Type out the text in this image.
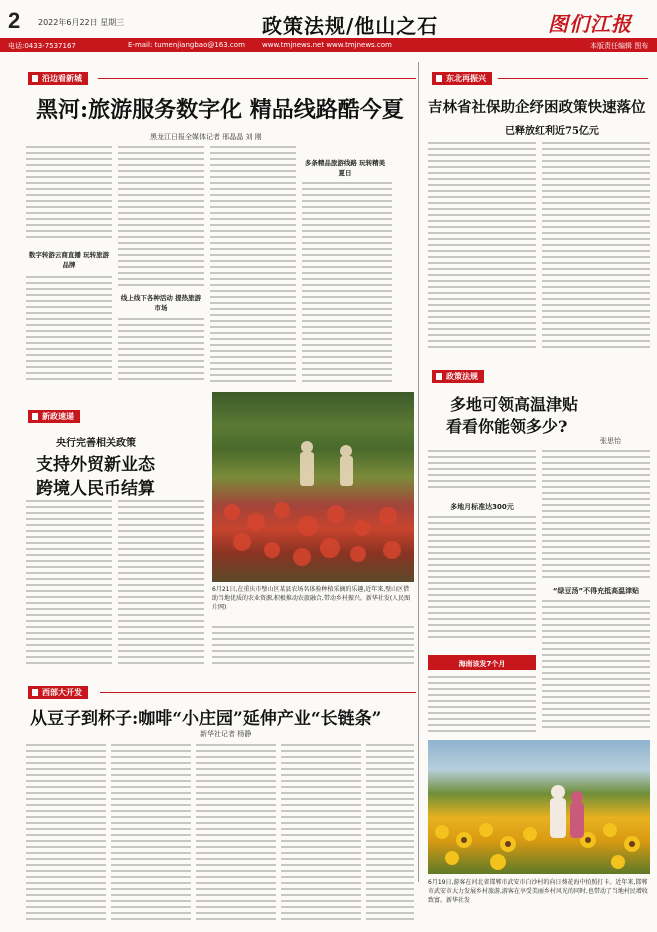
2 2022年6月22日 星期三	政策法规/他山之石	图们江报
电话:0433-7537167	E-mail: tumenjiangbao@163.com www.tmjnews.net www.tmjnews.com	本版责任编辑 图布
沿边看新城
黑河:旅游服务数字化 精品线路酷今夏
黑龙江日报全媒体记者 邢晶晶 刘 刚
数字转游云商直播 玩转旅游品牌
线上线下各种活动 提热旅游市场
多条精品旅游线路 玩转精美夏日
东北再振兴
吉林省社保助企纾困政策快速落位
已释放红利近75亿元
新政速递
央行完善相关政策
支持外贸新业态
跨境人民币结算
6月21日,在重庆市璧山区某县农场名体验种植采摘的乐趣,近年来,璧山区借助当地优质的农业资源,积极推动农旅融合,带动乡村振兴。新华社发(人民图片网)
政策法规
多地可领高温津贴
看看你能领多少?
张思怡
多地月标准达300元
海南该发7个月
“绿豆汤”不得充抵高温津贴
西部大开发
从豆子到杯子:咖啡“小庄园”延伸产业“长链条”
新华社记者 杨静
6月19日,游客在河北省邯郸市武安市白沙村的向日葵花海中拍照打卡。近年来,邯郸市武安市大力发展乡村旅游,游客在享受美丽乡村风光的同时,也带动了当地村民增收致富。新华社发
